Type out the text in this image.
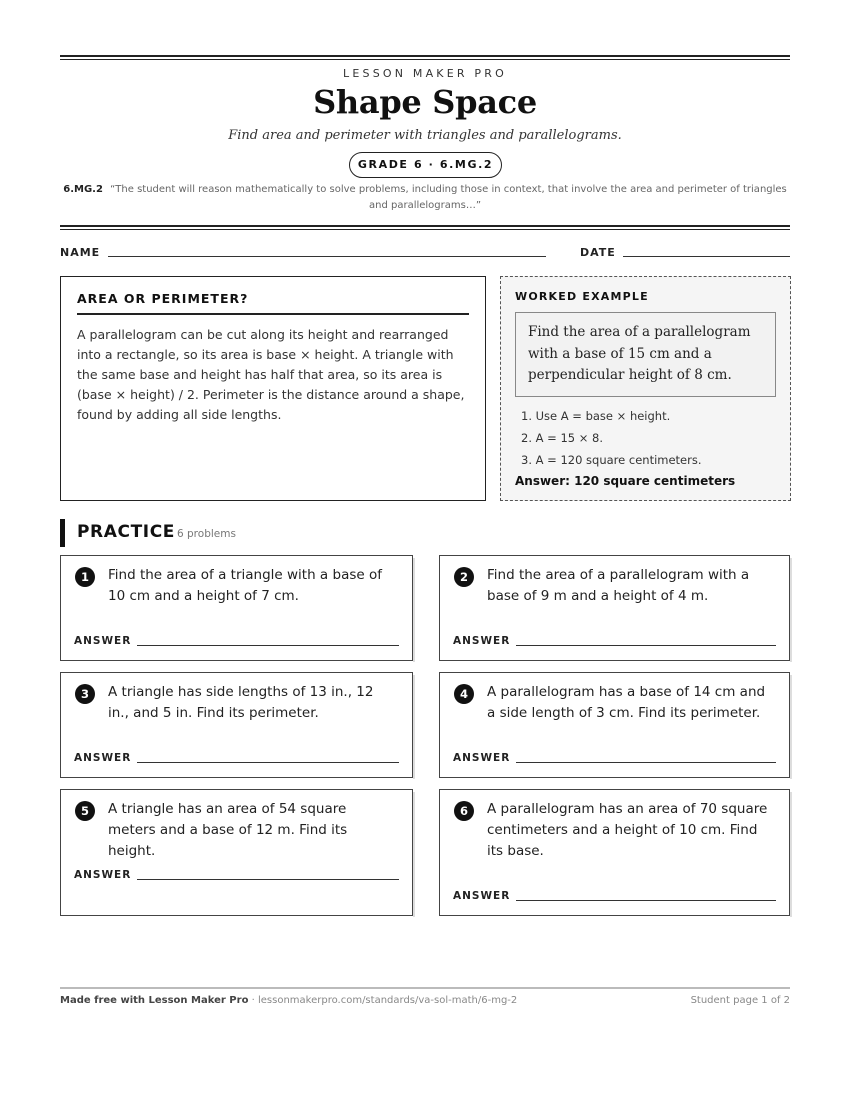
LESSON MAKER PRO
Shape Space
Find area and perimeter with triangles and parallelograms.
GRADE 6 · 6.MG.2
6.MG.2 “The student will reason mathematically to solve problems, including those in context, that involve the area and perimeter of triangles and parallelograms…”
NAME	DATE
AREA OR PERIMETER?
A parallelogram can be cut along its height and rearranged into a rectangle, so its area is base × height. A triangle with the same base and height has half that area, so its area is (base × height) / 2. Perimeter is the distance around a shape, found by adding all side lengths.
WORKED EXAMPLE
Find the area of a parallelogram with a base of 15 cm and a perpendicular height of 8 cm.
1. Use A = base × height.
2. A = 15 × 8.
3. A = 120 square centimeters.
Answer: 120 square centimeters
PRACTICE 6 problems
1	Find the area of a triangle with a base of 10 cm and a height of 7 cm.
ANSWER
2	Find the area of a parallelogram with a base of 9 m and a height of 4 m.
ANSWER
3	A triangle has side lengths of 13 in., 12 in., and 5 in. Find its perimeter.
ANSWER
4	A parallelogram has a base of 14 cm and a side length of 3 cm. Find its perimeter.
ANSWER
5	A triangle has an area of 54 square meters and a base of 12 m. Find its height.
ANSWER
6	A parallelogram has an area of 70 square centimeters and a height of 10 cm. Find its base.
ANSWER
Made free with Lesson Maker Pro · lessonmakerpro.com/standards/va-sol-math/6-mg-2	Student page 1 of 2
